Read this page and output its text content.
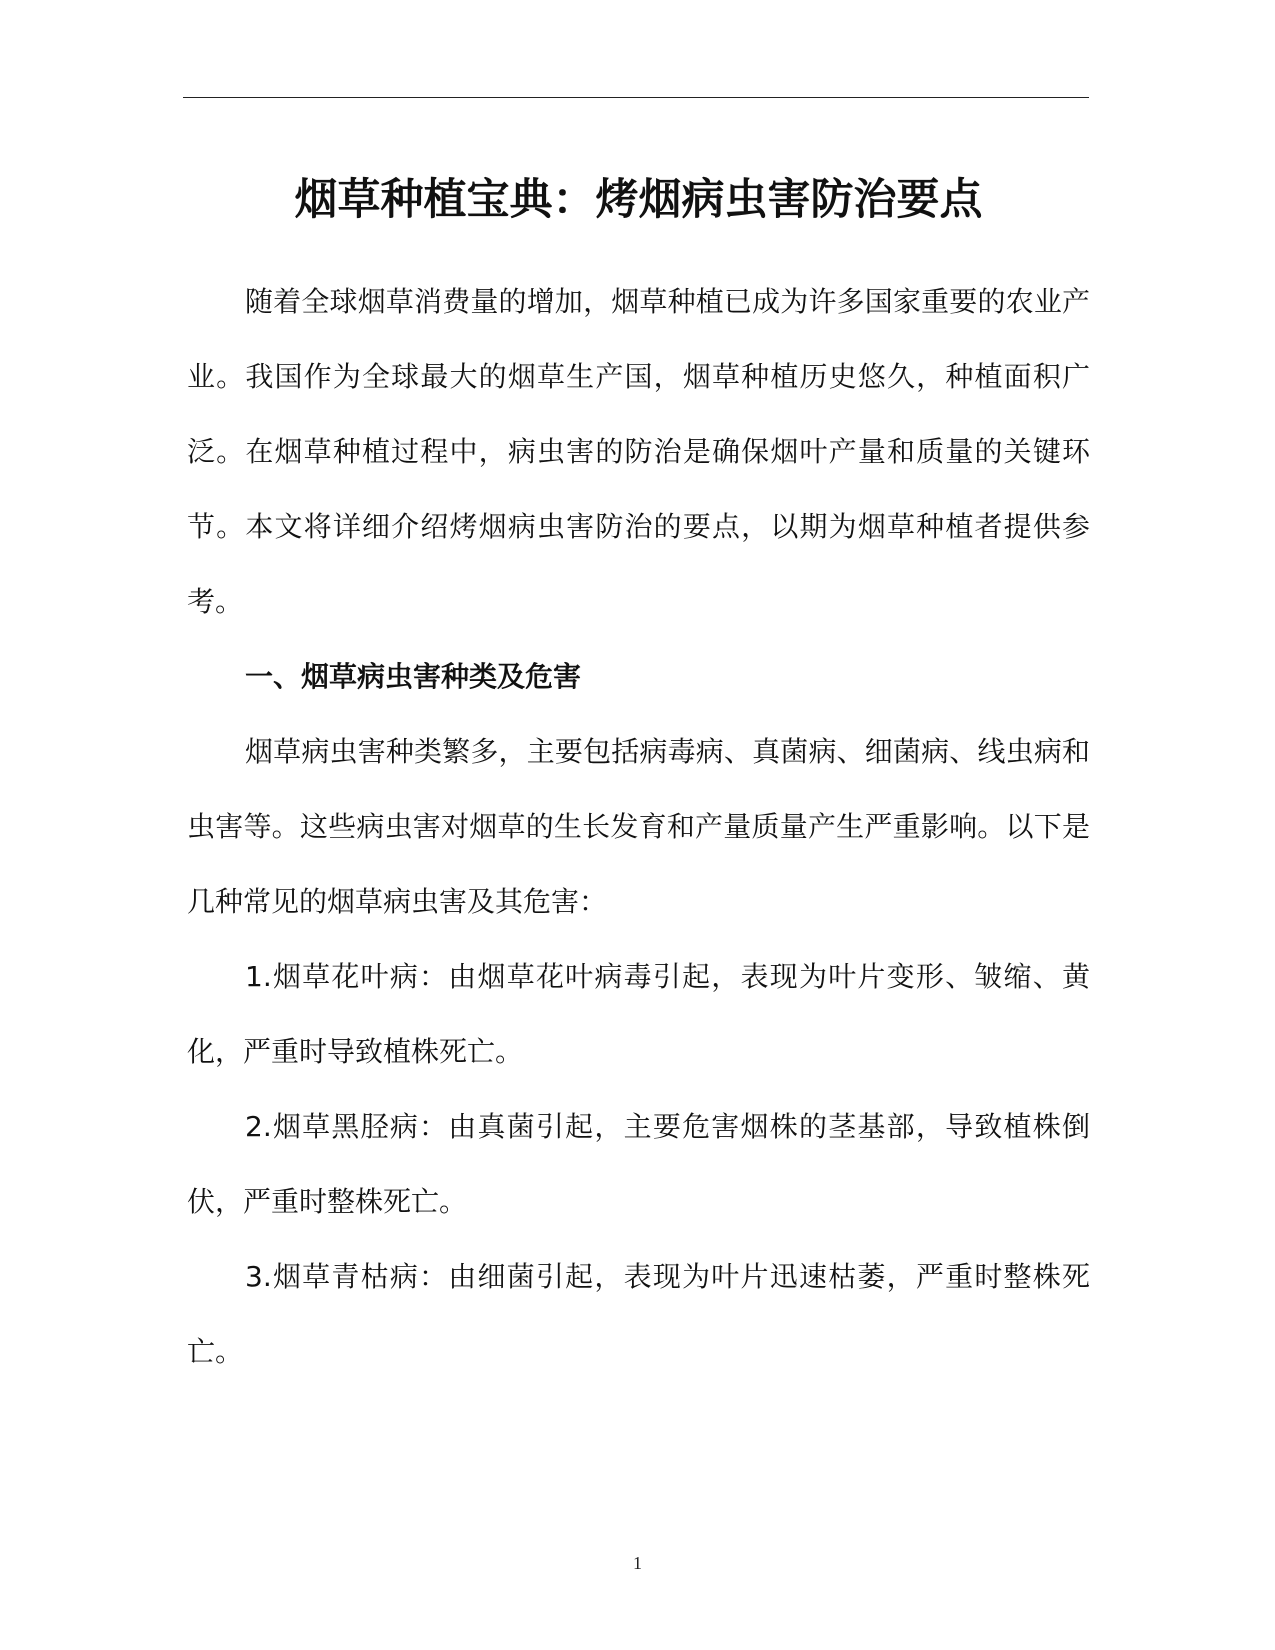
烟草种植宝典：烤烟病虫害防治要点

随着全球烟草消费量的增加，烟草种植已成为许多国家重要的农业产业。我国作为全球最大的烟草生产国，烟草种植历史悠久，种植面积广泛。在烟草种植过程中，病虫害的防治是确保烟叶产量和质量的关键环节。本文将详细介绍烤烟病虫害防治的要点，以期为烟草种植者提供参考。

一、烟草病虫害种类及危害

烟草病虫害种类繁多，主要包括病毒病、真菌病、细菌病、线虫病和虫害等。这些病虫害对烟草的生长发育和产量质量产生严重影响。以下是几种常见的烟草病虫害及其危害：

1.烟草花叶病：由烟草花叶病毒引起，表现为叶片变形、皱缩、黄化，严重时导致植株死亡。

2.烟草黑胫病：由真菌引起，主要危害烟株的茎基部，导致植株倒伏，严重时整株死亡。

3.烟草青枯病：由细菌引起，表现为叶片迅速枯萎，严重时整株死亡。

1
